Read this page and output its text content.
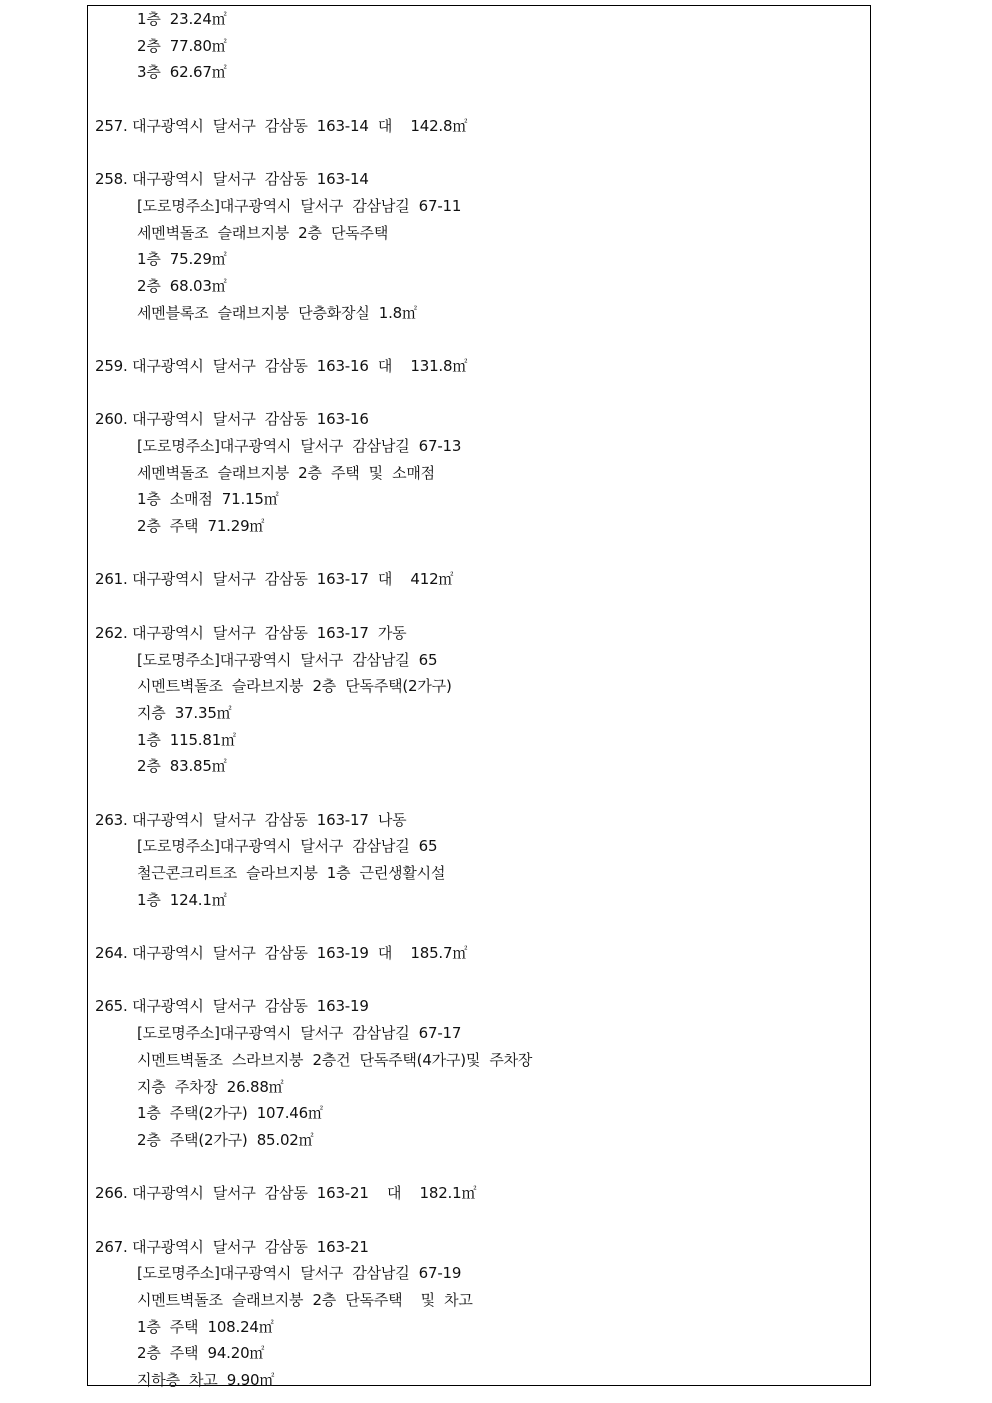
1층  23.24㎡
2층  77.80㎡
3층  62.67㎡
257. 대구광역시  달서구  감삼동  163-14  대    142.8㎡
258. 대구광역시  달서구  감삼동  163-14
[도로명주소]대구광역시  달서구  감삼남길  67-11
세멘벽돌조  슬래브지붕  2층  단독주택
1층  75.29㎡
2층  68.03㎡
세멘블록조  슬래브지붕  단층화장실  1.8㎡
259. 대구광역시  달서구  감삼동  163-16  대    131.8㎡
260. 대구광역시  달서구  감삼동  163-16
[도로명주소]대구광역시  달서구  감삼남길  67-13
세멘벽돌조  슬래브지붕  2층  주택  및  소매점
1층  소매점  71.15㎡
2층  주택  71.29㎡
261. 대구광역시  달서구  감삼동  163-17  대    412㎡
262. 대구광역시  달서구  감삼동  163-17  가동
[도로명주소]대구광역시  달서구  감삼남길  65
시멘트벽돌조  슬라브지붕  2층  단독주택(2가구)
지층  37.35㎡
1층  115.81㎡
2층  83.85㎡
263. 대구광역시  달서구  감삼동  163-17  나동
[도로명주소]대구광역시  달서구  감삼남길  65
철근콘크리트조  슬라브지붕  1층  근린생활시설
1층  124.1㎡
264. 대구광역시  달서구  감삼동  163-19  대    185.7㎡
265. 대구광역시  달서구  감삼동  163-19
[도로명주소]대구광역시  달서구  감삼남길  67-17
시멘트벽돌조  스라브지붕  2층건  단독주택(4가구)및  주차장
지층  주차장  26.88㎡
1층  주택(2가구)  107.46㎡
2층  주택(2가구)  85.02㎡
266. 대구광역시  달서구  감삼동  163-21    대    182.1㎡
267. 대구광역시  달서구  감삼동  163-21
[도로명주소]대구광역시  달서구  감삼남길  67-19
시멘트벽돌조  슬래브지붕  2층  단독주택    및  차고
1층  주택  108.24㎡
2층  주택  94.20㎡
지하층  차고  9.90㎡
